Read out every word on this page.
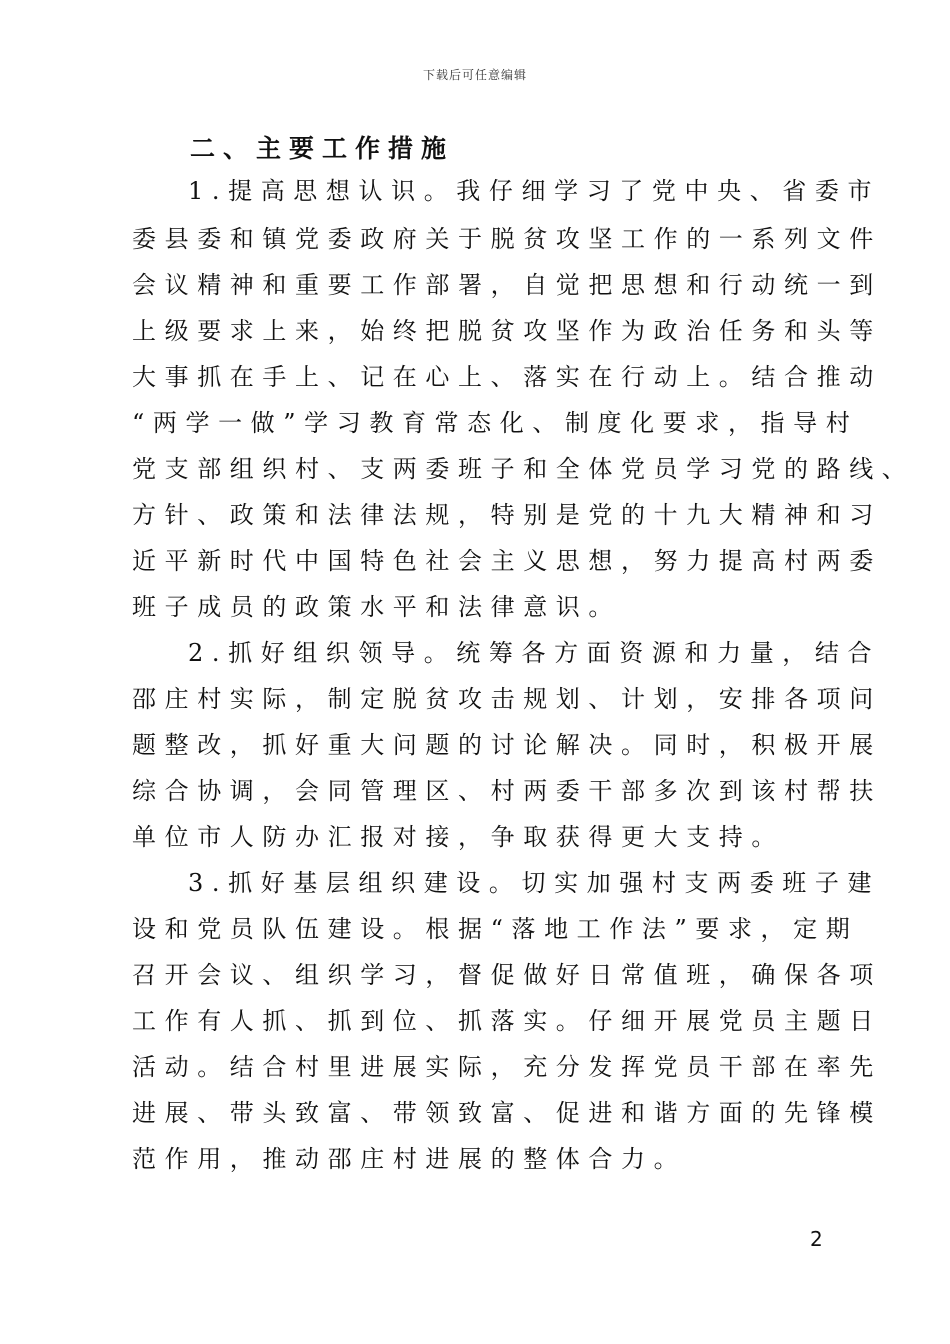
下载后可任意编辑
二、主要工作措施
1.提高思想认识。我仔细学习了党中央、省委市
委县委和镇党委政府关于脱贫攻坚工作的一系列文件
会议精神和重要工作部署，自觉把思想和行动统一到
上级要求上来，始终把脱贫攻坚作为政治任务和头等
大事抓在手上、记在心上、落实在行动上。结合推动
“两学一做”学习教育常态化、制度化要求，指导村
党支部组织村、支两委班子和全体党员学习党的路线、
方针、政策和法律法规，特别是党的十九大精神和习
近平新时代中国特色社会主义思想，努力提高村两委
班子成员的政策水平和法律意识。
2.抓好组织领导。统筹各方面资源和力量，结合
邵庄村实际，制定脱贫攻击规划、计划，安排各项问
题整改，抓好重大问题的讨论解决。同时，积极开展
综合协调，会同管理区、村两委干部多次到该村帮扶
单位市人防办汇报对接，争取获得更大支持。
3.抓好基层组织建设。切实加强村支两委班子建
设和党员队伍建设。根据“落地工作法”要求，定期
召开会议、组织学习，督促做好日常值班，确保各项
工作有人抓、抓到位、抓落实。仔细开展党员主题日
活动。结合村里进展实际，充分发挥党员干部在率先
进展、带头致富、带领致富、促进和谐方面的先锋模
范作用，推动邵庄村进展的整体合力。
2
